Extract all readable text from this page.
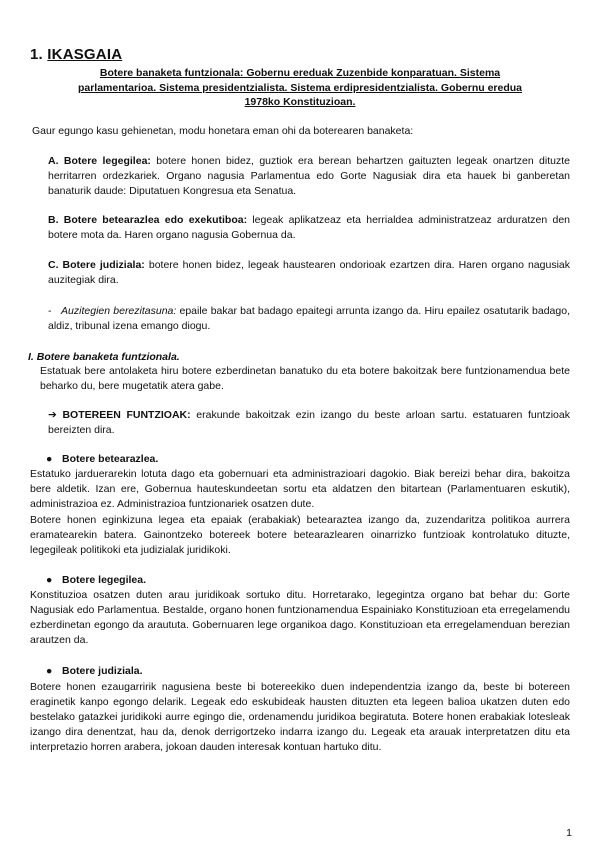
1. IKASGAIA
Botere banaketa funtzionala: Gobernu ereduak Zuzenbide konparatuan. Sistema parlamentarioa. Sistema presidentzialista. Sistema erdipresidentzialista. Gobernu eredua 1978ko Konstituzioan.
Gaur egungo kasu gehienetan, modu honetara eman ohi da boterearen banaketa:
A. Botere legegilea: botere honen bidez, guztiok era berean behartzen gaituzten legeak onartzen dituzte herritarren ordezkariek. Organo nagusia Parlamentua edo Gorte Nagusiak dira eta hauek bi ganberetan banaturik daude: Diputatuen Kongresua eta Senatua.
B. Botere betearazlea edo exekutiboa: legeak aplikatzeaz eta herrialdea administratzeaz arduratzen den botere mota da. Haren organo nagusia Gobernua da.
C. Botere judiziala: botere honen bidez, legeak haustearen ondorioak ezartzen dira. Haren organo nagusiak auzitegiak dira.
- Auzitegien berezitasuna: epaile bakar bat badago epaitegi arrunta izango da. Hiru epailez osatutarik badago, aldiz, tribunal izena emango diogu.
I. Botere banaketa funtzionala.
Estatuak bere antolaketa hiru botere ezberdinetan banatuko du eta botere bakoitzak bere funtzionamendua bete beharko du, bere mugetatik atera gabe.
➔ BOTEREEN FUNTZIOAK: erakunde bakoitzak ezin izango du beste arloan sartu. estatuaren funtzioak bereizten dira.
● Botere betearazlea.
Estatuko jarduerarekin lotuta dago eta gobernuari eta administrazioari dagokio. Biak bereizi behar dira, bakoitza bere aldetik. Izan ere, Gobernua hauteskundeetan sortu eta aldatzen den bitartean (Parlamentuaren eskutik), administrazioa ez. Administrazioa funtzionariek osatzen dute.
Botere honen eginkizuna legea eta epaiak (erabakiak) betearaztea izango da, zuzendaritza politikoa aurrera eramatearekin batera. Gainontzeko botereek botere betearazlearen oinarrizko funtzioak kontrolatuko dituzte, legegileak politikoki eta judizialak juridikoki.
● Botere legegilea.
Konstituzioa osatzen duten arau juridikoak sortuko ditu. Horretarako, legegintza organo bat behar du: Gorte Nagusiak edo Parlamentua. Bestalde, organo honen funtzionamendua Espainiako Konstituzioan eta erregelamendu ezberdinetan egongo da araututa. Gobernuaren lege organikoa dago. Konstituzioan eta erregelamenduan berezian arautzen da.
● Botere judiziala.
Botere honen ezaugarririk nagusiena beste bi botereekiko duen independentzia izango da, beste bi botereen eraginetik kanpo egongo delarik. Legeak edo eskubideak hausten dituzten eta legeen balioa ukatzen duten edo bestelako gatazkei juridikoki aurre egingo die, ordenamendu juridikoa begiratuta. Botere honen erabakiak lotesleak izango dira denentzat, hau da, denok derrigortzeko indarra izango du. Legeak eta arauak interpretatzen ditu eta interpretazio horren arabera, jokoan dauden interesak kontuan hartuko ditu.
1
